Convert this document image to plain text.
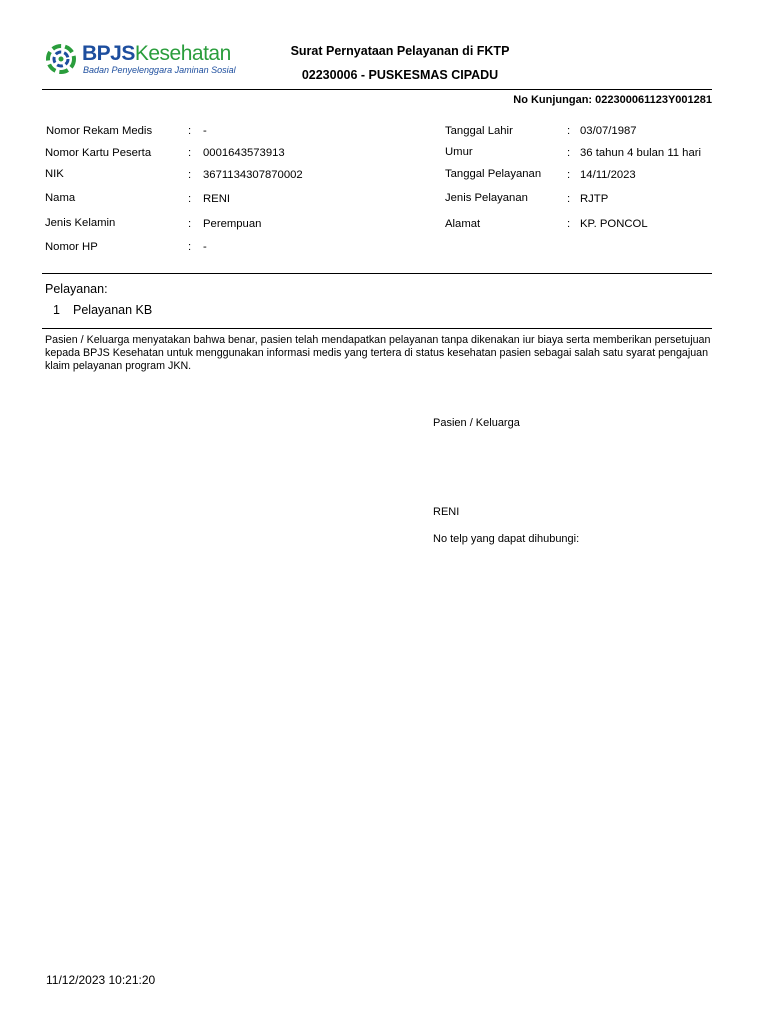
BPJSKesehatan
Badan Penyelenggara Jaminan Sosial
Surat Pernyataan Pelayanan di FKTP
02230006 - PUSKESMAS CIPADU
No Kunjungan: 022300061123Y001281
Nomor Rekam Medis	: -
Nomor Kartu Peserta	: 0001643573913
NIK	: 3671134307870002
Nama	: RENI
Jenis Kelamin	: Perempuan
Nomor HP	: -
Tanggal Lahir	: 03/07/1987
Umur	: 36 tahun 4 bulan 11 hari
Tanggal Pelayanan : 14/11/2023
Jenis Pelayanan	: RJTP
Alamat	: KP. PONCOL
Pelayanan:
1 Pelayanan KB
Pasien / Keluarga menyatakan bahwa benar, pasien telah mendapatkan pelayanan tanpa dikenakan iur biaya serta memberikan persetujuan kepada BPJS Kesehatan untuk menggunakan informasi medis yang tertera di status kesehatan pasien sebagai salah satu syarat pengajuan klaim pelayanan program JKN.
Pasien / Keluarga
RENI
No telp yang dapat dihubungi:
11/12/2023 10:21:20
